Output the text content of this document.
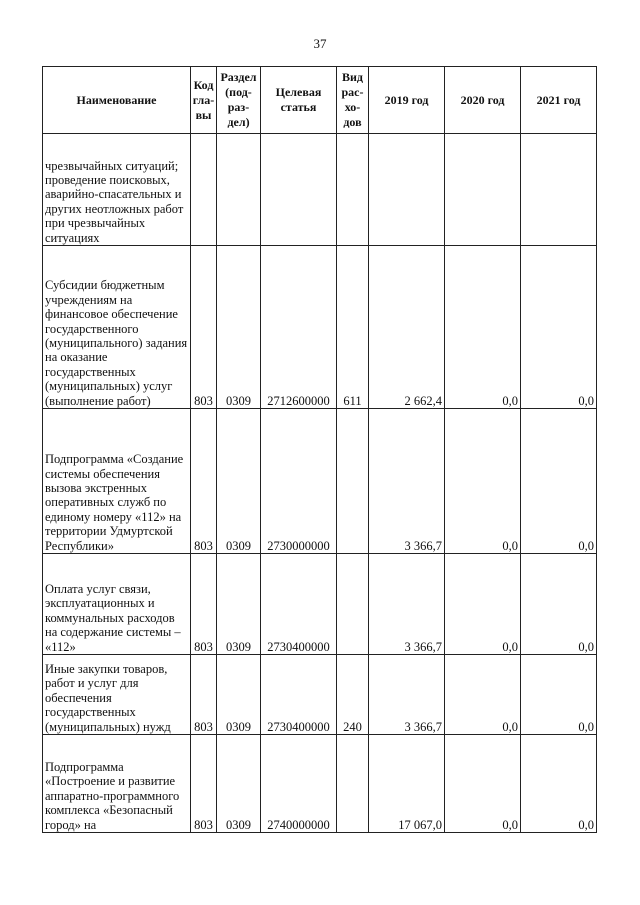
37
Наименование	Код гла- вы	Раздел (под- раз- дел)	Целевая статья	Вид рас- хо- дов	2019 год	2020 год	2021 год
чрезвычайных ситуаций; проведение поисковых, аварийно-спасательных и других неотложных работ при чрезвычайных ситуациях							
Субсидии бюджетным учреждениям на финансовое обеспечение государственного (муниципального) задания на оказание государственных (муниципальных) услуг (выполнение работ)	803	0309	2712600000	611	2 662,4	0,0	0,0
Подпрограмма «Создание системы обеспечения вызова экстренных оперативных служб по единому номеру «112» на территории Удмуртской Республики»	803	0309	2730000000		3 366,7	0,0	0,0
Оплата услуг связи, эксплуатационных и коммунальных расходов на содержание системы – «112»	803	0309	2730400000		3 366,7	0,0	0,0
Иные закупки товаров, работ и услуг для обеспечения государственных (муниципальных) нужд	803	0309	2730400000	240	3 366,7	0,0	0,0
Подпрограмма «Построение и развитие аппаратно-программного комплекса «Безопасный город» на	803	0309	2740000000		17 067,0	0,0	0,0
